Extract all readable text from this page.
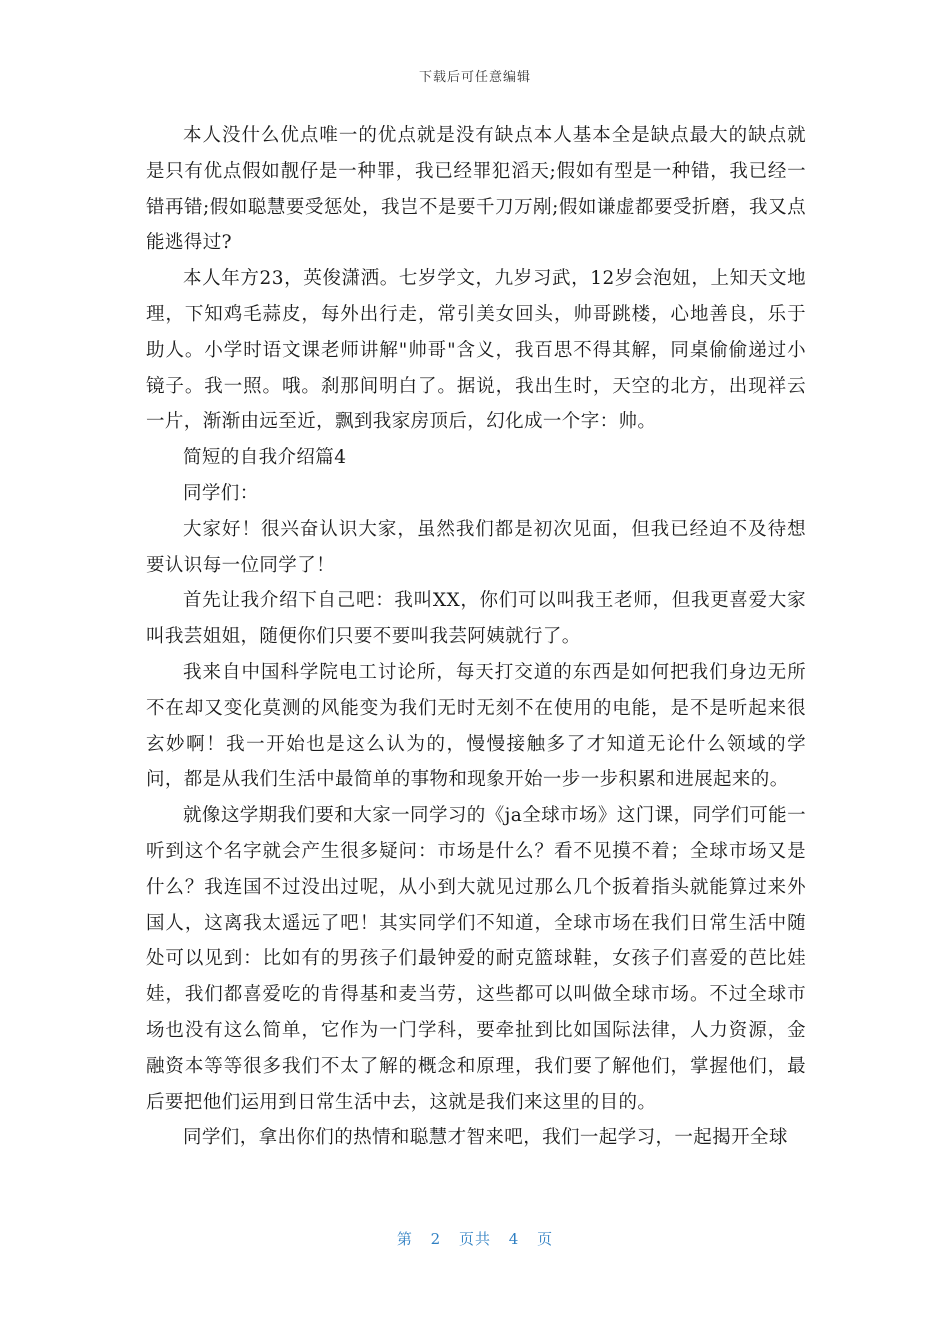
下载后可任意编辑

本人没什么优点唯一的优点就是没有缺点本人基本全是缺点最大的缺点就是只有优点假如靓仔是一种罪，我已经罪犯滔天;假如有型是一种错，我已经一错再错;假如聪慧要受惩处，我岂不是要千刀万剐;假如谦虚都要受折磨，我又点能逃得过?

本人年方23，英俊潇洒。七岁学文，九岁习武，12岁会泡妞，上知天文地理，下知鸡毛蒜皮，每外出行走，常引美女回头，帅哥跳楼，心地善良，乐于助人。小学时语文课老师讲解"帅哥"含义，我百思不得其解，同桌偷偷递过小镜子。我一照。哦。刹那间明白了。据说，我出生时，天空的北方，出现祥云一片，渐渐由远至近，飘到我家房顶后，幻化成一个字：帅。

简短的自我介绍篇4

同学们：

大家好！很兴奋认识大家，虽然我们都是初次见面，但我已经迫不及待想要认识每一位同学了！

首先让我介绍下自己吧：我叫XX，你们可以叫我王老师，但我更喜爱大家叫我芸姐姐，随便你们只要不要叫我芸阿姨就行了。

我来自中国科学院电工讨论所，每天打交道的东西是如何把我们身边无所不在却又变化莫测的风能变为我们无时无刻不在使用的电能，是不是听起来很玄妙啊！我一开始也是这么认为的，慢慢接触多了才知道无论什么领域的学问，都是从我们生活中最简单的事物和现象开始一步一步积累和进展起来的。

就像这学期我们要和大家一同学习的《ja全球市场》这门课，同学们可能一听到这个名字就会产生很多疑问：市场是什么？看不见摸不着；全球市场又是什么？我连国不过没出过呢，从小到大就见过那么几个扳着指头就能算过来外国人，这离我太遥远了吧！其实同学们不知道，全球市场在我们日常生活中随处可以见到：比如有的男孩子们最钟爱的耐克篮球鞋，女孩子们喜爱的芭比娃娃，我们都喜爱吃的肯得基和麦当劳，这些都可以叫做全球市场。不过全球市场也没有这么简单，它作为一门学科，要牵扯到比如国际法律，人力资源，金融资本等等很多我们不太了解的概念和原理，我们要了解他们，掌握他们，最后要把他们运用到日常生活中去，这就是我们来这里的目的。

同学们，拿出你们的热情和聪慧才智来吧，我们一起学习，一起揭开全球

第 2 页共 4 页
